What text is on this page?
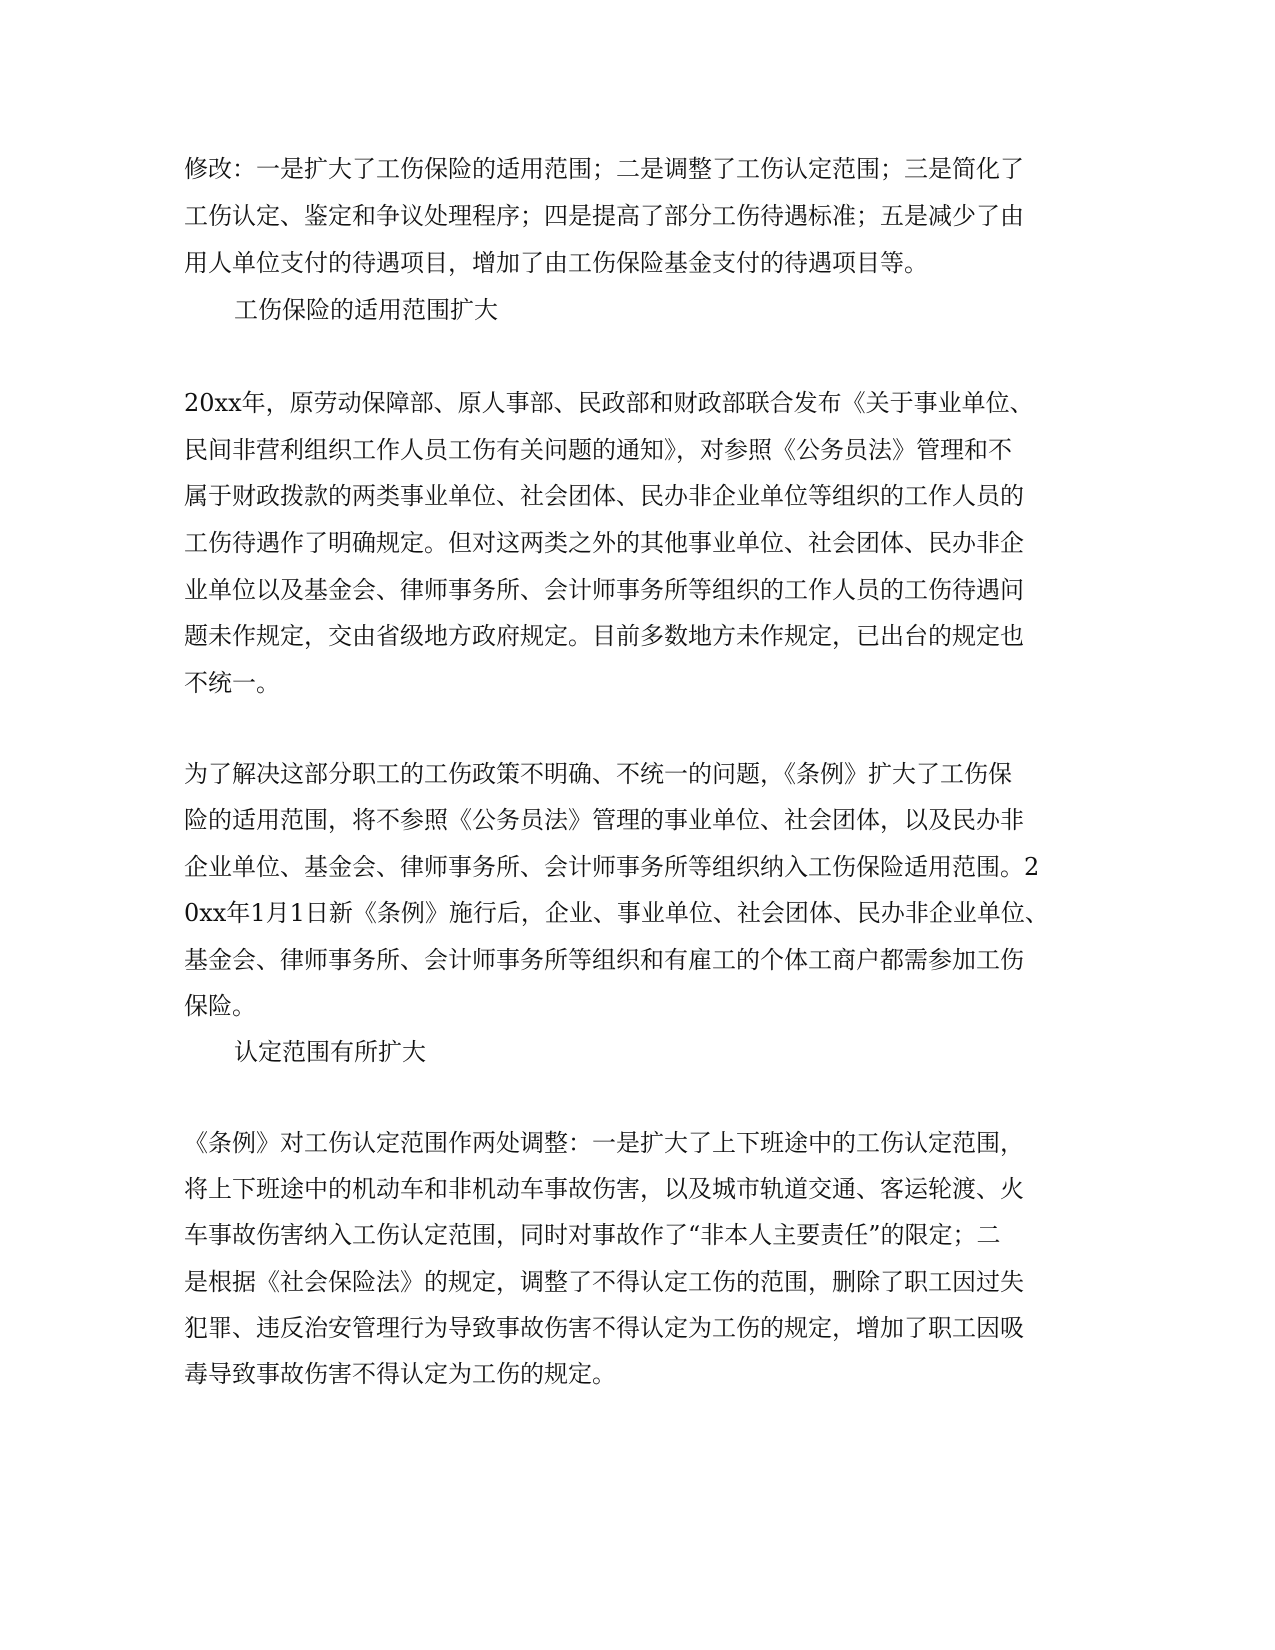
修改：一是扩大了工伤保险的适用范围；二是调整了工伤认定范围；三是简化了
工伤认定、鉴定和争议处理程序；四是提高了部分工伤待遇标准；五是减少了由
用人单位支付的待遇项目，增加了由工伤保险基金支付的待遇项目等。
工伤保险的适用范围扩大
20xx年，原劳动保障部、原人事部、民政部和财政部联合发布《关于事业单位、
民间非营利组织工作人员工伤有关问题的通知》，对参照《公务员法》管理和不
属于财政拨款的两类事业单位、社会团体、民办非企业单位等组织的工作人员的
工伤待遇作了明确规定。但对这两类之外的其他事业单位、社会团体、民办非企
业单位以及基金会、律师事务所、会计师事务所等组织的工作人员的工伤待遇问
题未作规定，交由省级地方政府规定。目前多数地方未作规定，已出台的规定也
不统一。
为了解决这部分职工的工伤政策不明确、不统一的问题，《条例》扩大了工伤保
险的适用范围，将不参照《公务员法》管理的事业单位、社会团体，以及民办非
企业单位、基金会、律师事务所、会计师事务所等组织纳入工伤保险适用范围。2
0xx年1月1日新《条例》施行后，企业、事业单位、社会团体、民办非企业单位、
基金会、律师事务所、会计师事务所等组织和有雇工的个体工商户都需参加工伤
保险。
认定范围有所扩大
《条例》对工伤认定范围作两处调整：一是扩大了上下班途中的工伤认定范围，
将上下班途中的机动车和非机动车事故伤害，以及城市轨道交通、客运轮渡、火
车事故伤害纳入工伤认定范围，同时对事故作了“非本人主要责任”的限定；二
是根据《社会保险法》的规定，调整了不得认定工伤的范围，删除了职工因过失
犯罪、违反治安管理行为导致事故伤害不得认定为工伤的规定，增加了职工因吸
毒导致事故伤害不得认定为工伤的规定。
